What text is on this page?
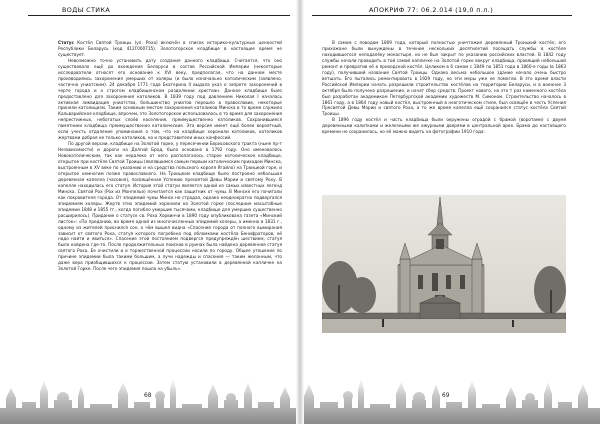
ВОДЫ СТИКА

Статус Костёл Святой Троицы (ул. Роха) включён в список историко-культурных ценностей Республики Беларусь (код 412Г000715). Золотогорское кладбище в настоящее время не существует.

Невозможно точно установить дату создания данного кладбища. Считается, что оно существовало ещё до вхождения Беларуси в состав Российской Империи (неколторые исследователи относят его основание к XVI веку, предполагая, что на данном месте производились захоронения умерших от холеры (и было изначально католическим (заявлено, частично униатским). 24 декабря 1771 года Екатерина II выдала указ о запрете захоронений в черте города и о строгом кладбищенском разделении христиан. Данное кладбище было предоставлено для захоронения католиков. В 1839 году под давлением Николая I началась активная ликвидация униатства, большинство униатов перешло в православие, некоторые приняли католицизм. Таким основным местом захоронения католиков Минска в то время служило Кальварийское кладбище, впрочем, это Золотогорское использовалось в то время для захоронения непрестижных, небогатых слоёв населения, преимущественно католиков. Сохранившиеся памятники кладбища преимущественно католические. Эта версия имеет ещё более вероятный, если учесть отдаление упоминания о том, что на кладбище хоронили католиков, католиков жертвами добрая не только католиков, но и представители иных конфессий.

По другой версии, кладбище на Золотой горке, у пересечении Борисовского тракта (ныне пр-т Независимости) и дороги на Долгий Брод, было основано в 1792 году. Оно именовалось Новокатолическим, так как недалеко от него располагалось старое католическое кладбище, открытое при костёле Святой Троицы (являвшимся самым первым католическим приходом Минска, выстроенным в XV веке по указанию и на средства польского короля Ягайло) на Троицкой горе, и открытое немногим позже православного. На Троицком кладбище было построено небольшая деревянная капелла (часовня), посвящённая Успению пресвятой Девы Марии и святому Роху. В капелле находилась его статуя. История этой статуи является одной из самых известных легенд Минска. Святой Рох (Рох из Монпелье) почитается как защитник от чумы. В Минске его почитали как покровителя города. От эпидемий чумы Минск не страдал, однако неоднократно подвергался эпидемиям холеры. Жертв этих эпидемий хоронили на Золотой горке (последние масштабные эпидемии 1848 и 1855 гг., когда погибло умершие тысячами, кладбище для умерших существенно расширилось). Придание о статусе св. Роха Хорвинчи в 1890 году опубликована газета «Минский листок»: «По преданию, во время одной из многочисленных эпидемий холеры, а именно в 1831 г., одному из жителей приснился сон, о чём вышел видна «Спасение города от полного вымирания зависит от святого Роха, статуя которого погребена под обломками костёла Бенифраторов, её надо найти и явиться». Спасение этой постоянием подвергся предупреждён шествием, статуя была найдена где-то. После продолжительных поисков в руинах была найдена деревянная статуя святого Роха. Ее очистили и в торжественной процессии носили по городу. Общее утешение по причине эпидемии была такими большим, а лучи надежды и спасения — таким желанным, что даже вера приобщившихся к процессии. Затем статую установили в деревянной капличке на Золотой Горке. После чего эпидемия пошла на убыль».

68
АПОКРИФ 77: 06.2.014 (19,0 п.л.)

В самом с поводом 1809 года, который полностью уничтожил деревянный Троицкий костёл, его прихожане были вынуждены в течение нескольких десятилетий посещать службы в костёле находившегося неподалёку монастыря, но не был закрыт по указанию российских властей. В 1842 году службы начали проводить в той самой капличке на Золотой горке вокруг кладбища, правящий небольшой ремонт и превратив её в приходской костёл. Целиком в 6 самом с 1849 по 1851 года в 1860-е годы (в 1863 году), получивший название Святой Троицы. Однако весьма небольшое здание начало очень быстро ветшать. Его пытались ремонтировать в 1929 году, но эти меры уже не помогли. В это время власти Российской Империи начать разрешили строительство костёлов на территории Беларуси, и в военное 3 октября было получено разрешение, и начат сбор средств. Проект нового, но это т раз каменного костёла был разработан академиком Петербургской академии художеств М. Симоном. Строительство началось в 1861 году, а в 1864 году новый костёл, выстроенный в неоготическом стиле, был освящён в честь Успения Пресвятой Девы Марии и святого Роха, а то же время капелла ещё сохранился статус костёла Святой Троицы.

В 1896 году костёл и часть кладбища были окружены оградой с брамой (воротами) с двумя деревянными калитками и железными же ажурными дверями в центральной арке. Брама до настоящего времени не сохранилась, но её можно видеть на фотографии 1910 года:

69
